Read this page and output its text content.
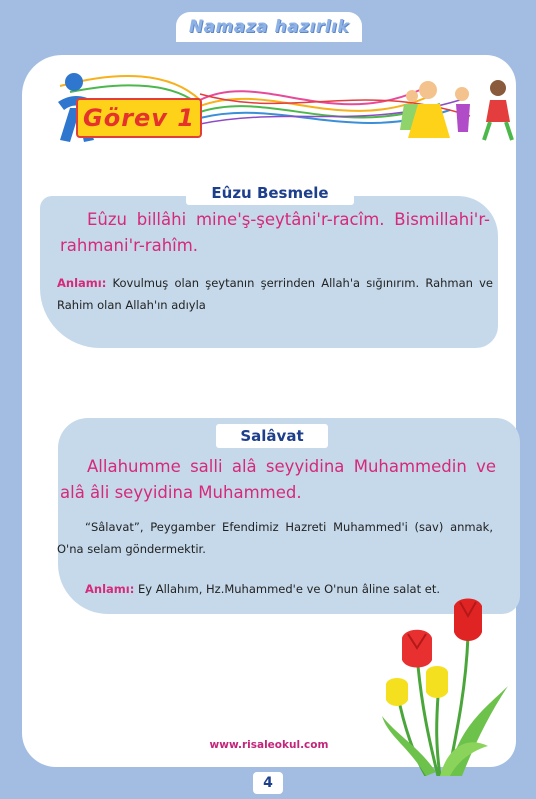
Namaza hazırlık
Görev 1
Eûzu Besmele
Eûzu billâhi mine'ş-şeytâni'r-racîm. Bismillahi'r-rahmani'r-rahîm.
Anlamı: Kovulmuş olan şeytanın şerrinden Allah'a sığınırım. Rahman ve Rahim olan Allah'ın adıyla
Salâvat
Allahumme salli alâ seyyidina Muhammedin ve alâ âli seyyidina Muhammed.
“Sâlavat”, Peygamber Efendimiz Hazreti Muhammed'i (sav) anmak, O'na selam göndermektir.
Anlamı: Ey Allahım, Hz.Muhammed'e ve O'nun âline salat et.
www.risaleokul.com
4
